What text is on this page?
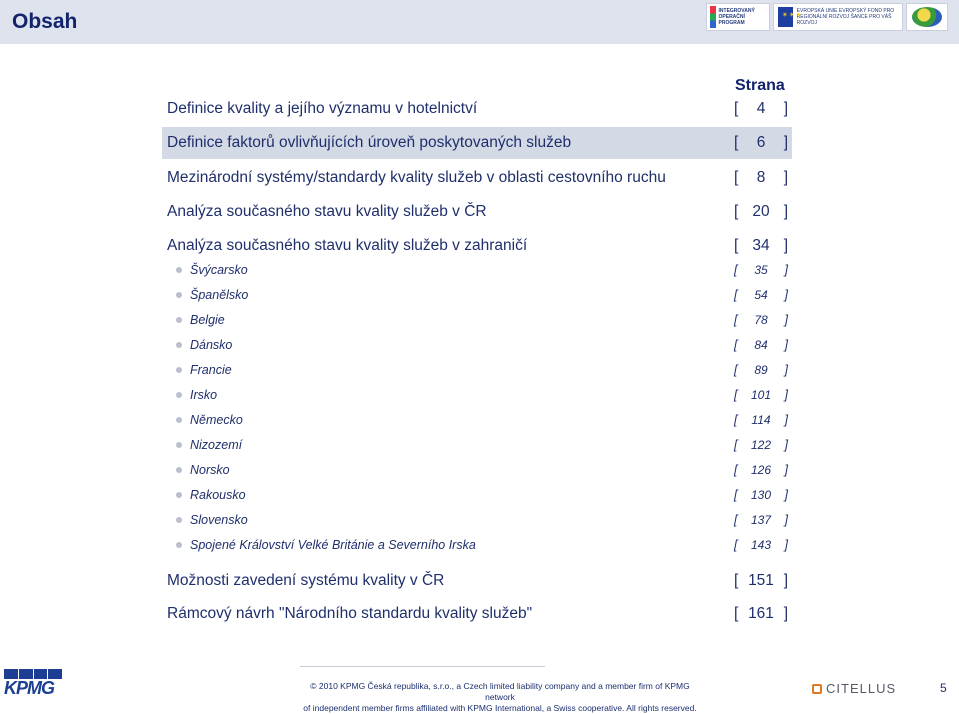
Obsah	INTEGROVANÝ OPERAČNÍ PROGRAM
✶✶✶
EVROPSKÁ UNIE EVROPSKÝ FOND PRO REGIONÁLNÍ ROZVOJ ŠANCE PRO VÁŠ ROZVOJ
Strana
Definice kvality a jejího významu v hotelnictví	[	4	]
Definice faktorů ovlivňujících úroveň poskytovaných služeb	[	6	]
Mezinárodní systémy/standardy kvality služeb v oblasti cestovního ruchu	[	8	]
Analýza současného stavu kvality služeb v ČR	[ 20 ]
Analýza současného stavu kvality služeb v zahraničí	[ 34 ]
Švýcarsko	[	35	]
Španělsko	[	54	]
Belgie	[	78	]
Dánsko	[	84	]
Francie	[	89	]
Irsko	[	101	]
Německo	[	114	]
Nizozemí	[	122	]
Norsko	[	126	]
Rakousko	[	130	]
Slovensko	[	137	]
Spojené Království Velké Británie a Severního Irska	[	143	]
Možnosti zavedení systému kvality v ČR	[ 151 ]
Rámcový návrh "Národního standardu kvality služeb"	[ 161 ]
KPMG	© 2010 KPMG Česká republika, s.r.o., a Czech limited liability company and a member firm of KPMG network
of independent member firms affiliated with KPMG International, a Swiss cooperative. All rights reserved.
CITELLUS	5
